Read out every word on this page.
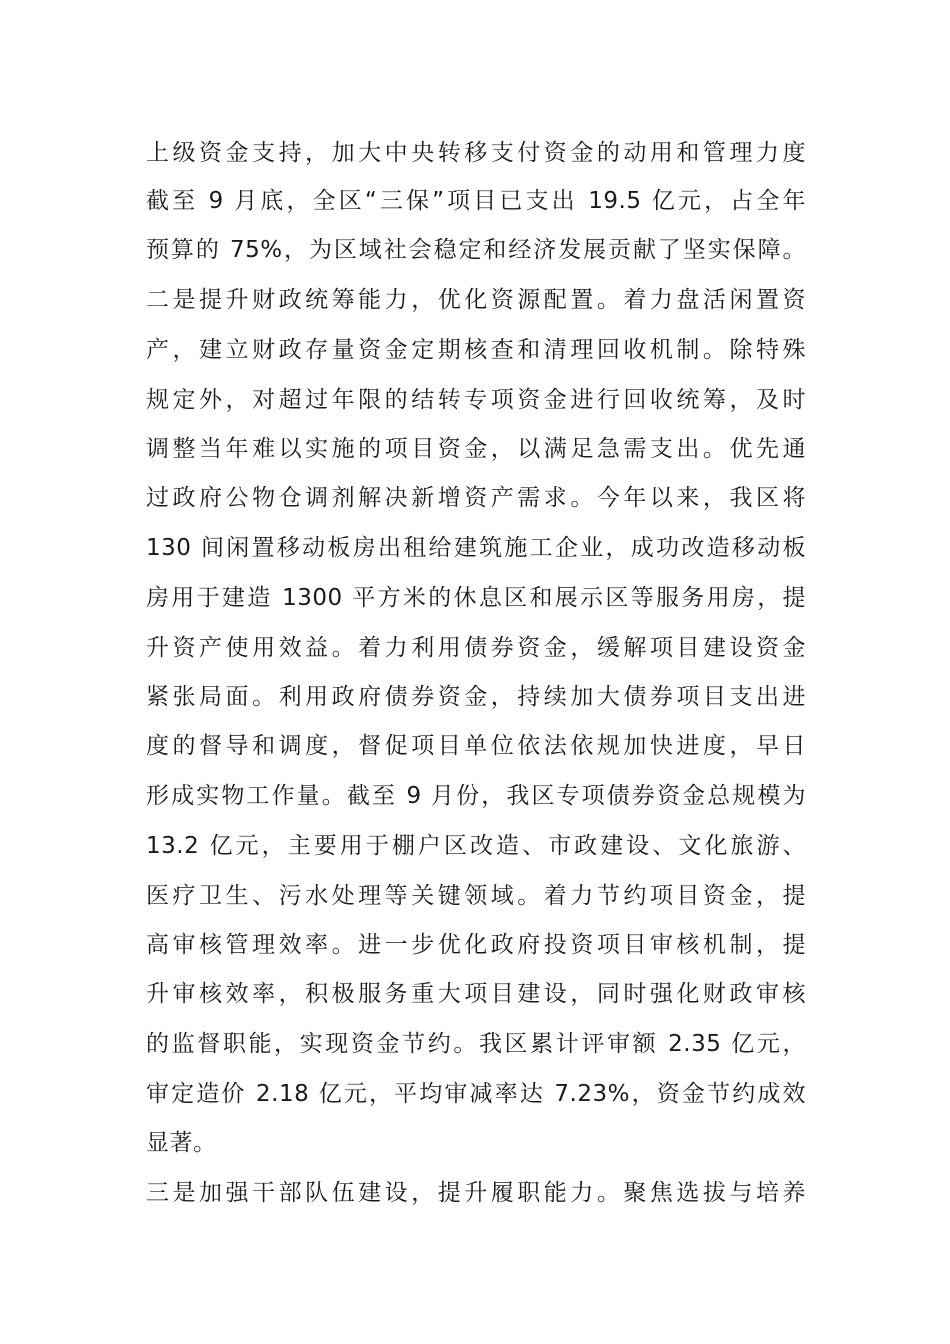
上级资金支持，加大中央转移支付资金的动用和管理力度
截至 9 月底，全区“三保”项目已支出 19.5 亿元，占全年
预算的 75%，为区域社会稳定和经济发展贡献了坚实保障。
二是提升财政统筹能力，优化资源配置。着力盘活闲置资
产，建立财政存量资金定期核查和清理回收机制。除特殊
规定外，对超过年限的结转专项资金进行回收统筹，及时
调整当年难以实施的项目资金，以满足急需支出。优先通
过政府公物仓调剂解决新增资产需求。今年以来，我区将
130 间闲置移动板房出租给建筑施工企业，成功改造移动板
房用于建造 1300 平方米的休息区和展示区等服务用房，提
升资产使用效益。着力利用债券资金，缓解项目建设资金
紧张局面。利用政府债券资金，持续加大债券项目支出进
度的督导和调度，督促项目单位依法依规加快进度，早日
形成实物工作量。截至 9 月份，我区专项债券资金总规模为
13.2 亿元，主要用于棚户区改造、市政建设、文化旅游、
医疗卫生、污水处理等关键领域。着力节约项目资金，提
高审核管理效率。进一步优化政府投资项目审核机制，提
升审核效率，积极服务重大项目建设，同时强化财政审核
的监督职能，实现资金节约。我区累计评审额 2.35 亿元，
审定造价 2.18 亿元，平均审减率达 7.23%，资金节约成效
显著。
三是加强干部队伍建设，提升履职能力。聚焦选拔与培养
